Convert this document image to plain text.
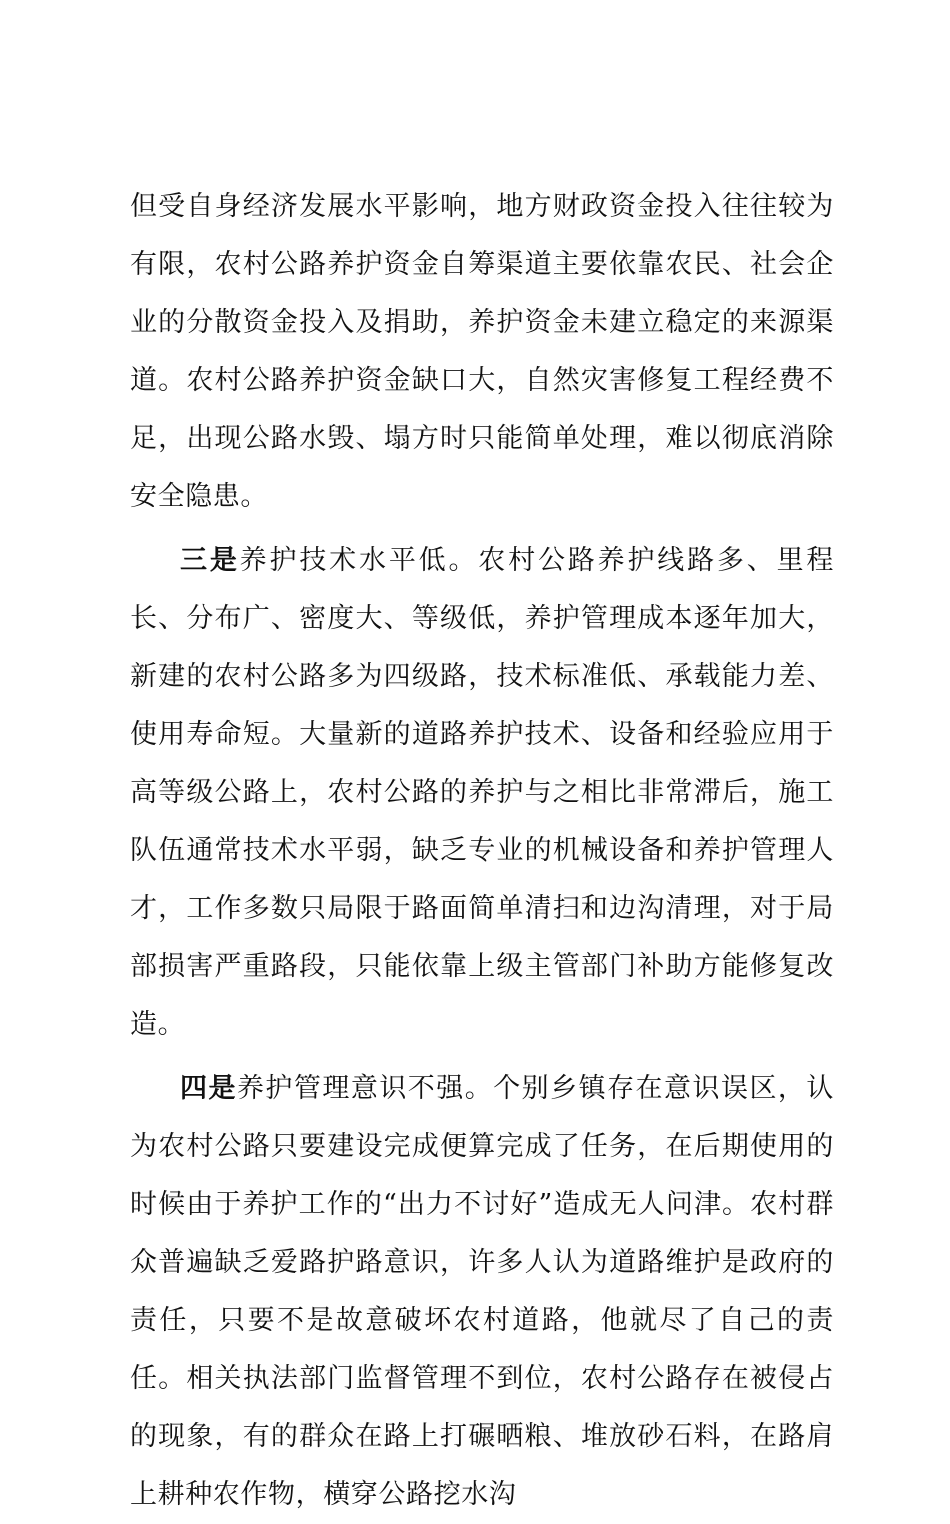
但受自身经济发展水平影响，地方财政资金投入往往较为有限，农村公路养护资金自筹渠道主要依靠农民、社会企业的分散资金投入及捐助，养护资金未建立稳定的来源渠道。农村公路养护资金缺口大，自然灾害修复工程经费不足，出现公路水毁、塌方时只能简单处理，难以彻底消除安全隐患。

三是养护技术水平低。农村公路养护线路多、里程长、分布广、密度大、等级低，养护管理成本逐年加大，新建的农村公路多为四级路，技术标准低、承载能力差、使用寿命短。大量新的道路养护技术、设备和经验应用于高等级公路上，农村公路的养护与之相比非常滞后，施工队伍通常技术水平弱，缺乏专业的机械设备和养护管理人才，工作多数只局限于路面简单清扫和边沟清理，对于局部损害严重路段，只能依靠上级主管部门补助方能修复改造。

四是养护管理意识不强。个别乡镇存在意识误区，认为农村公路只要建设完成便算完成了任务，在后期使用的时候由于养护工作的“出力不讨好”造成无人问津。农村群众普遍缺乏爱路护路意识，许多人认为道路维护是政府的责任，只要不是故意破坏农村道路，他就尽了自己的责任。相关执法部门监督管理不到位，农村公路存在被侵占的现象，有的群众在路上打碾晒粮、堆放砂石料，在路肩上耕种农作物，横穿公路挖水沟
